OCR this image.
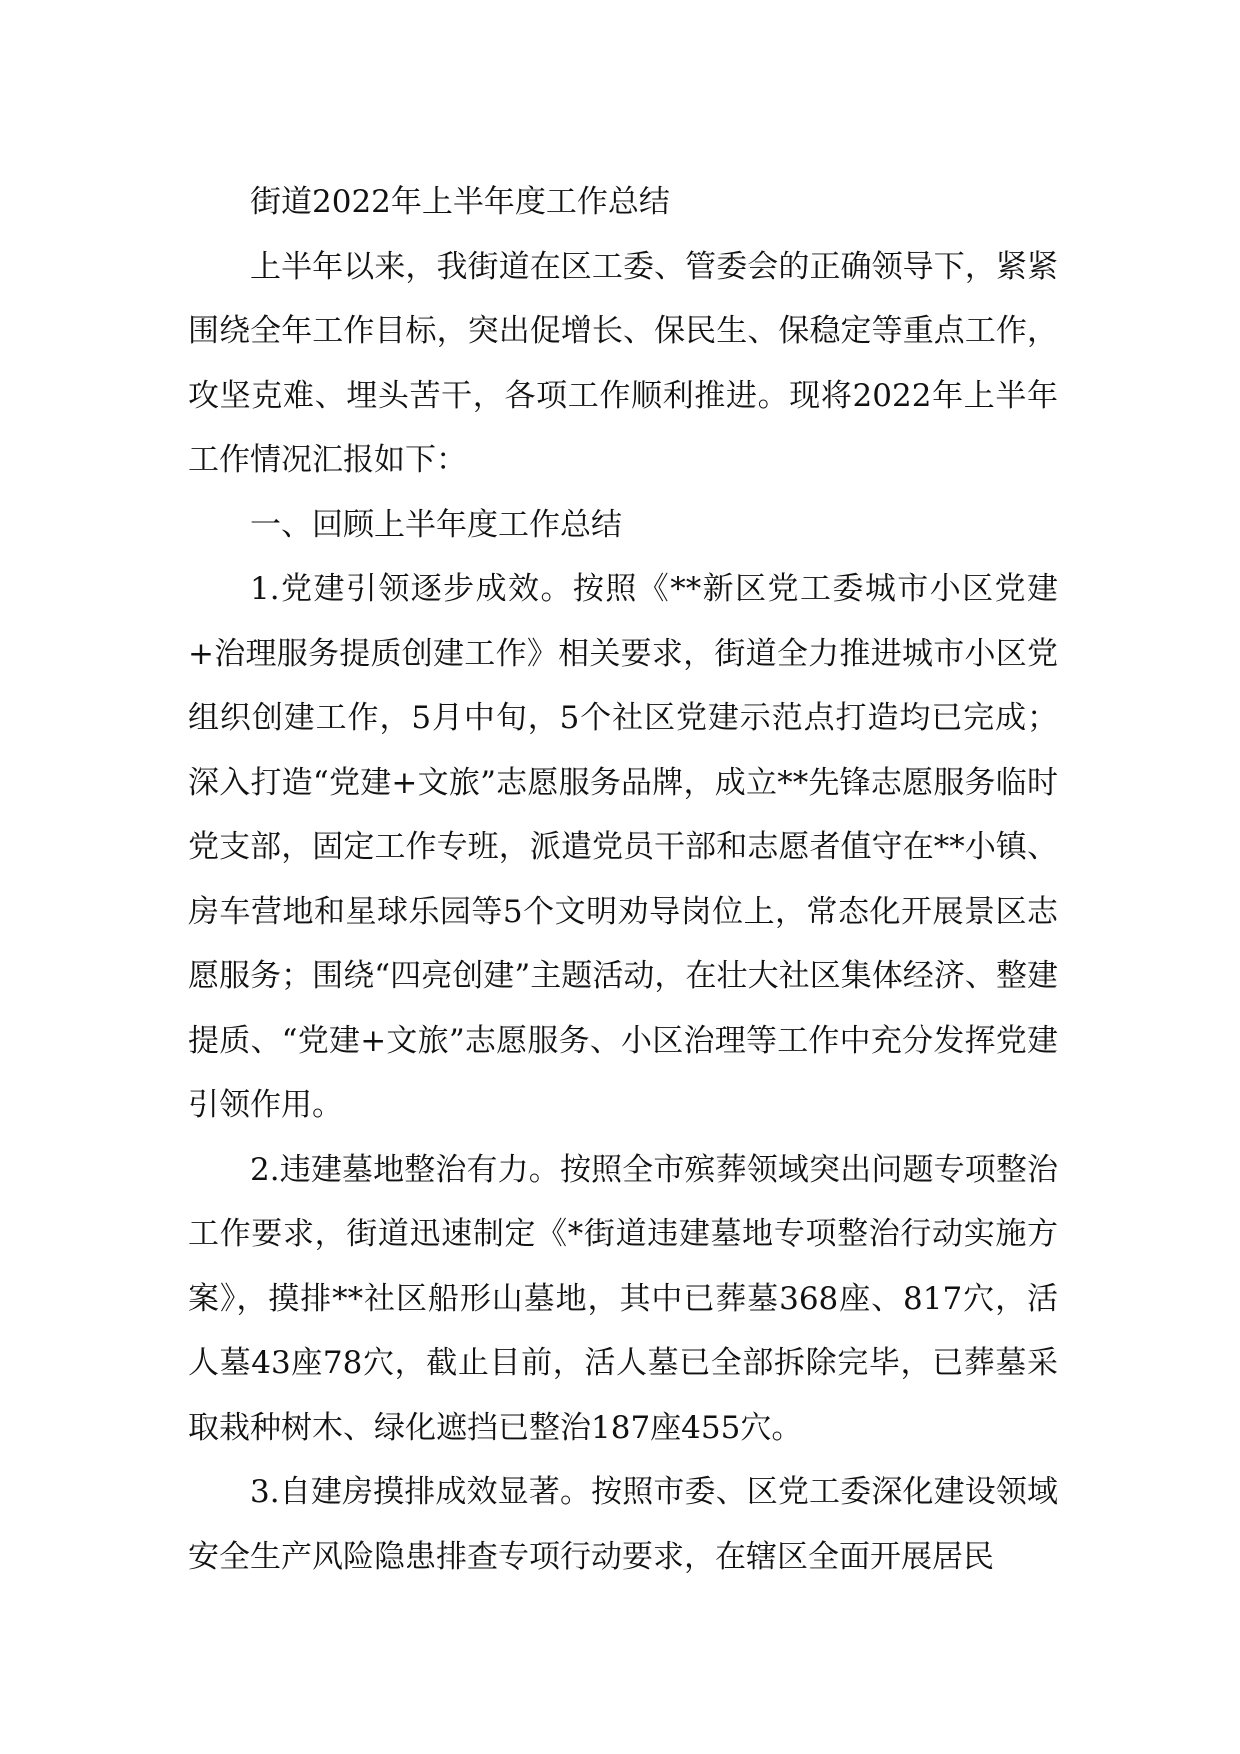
街道2022年上半年度工作总结

上半年以来，我街道在区工委、管委会的正确领导下，紧紧围绕全年工作目标，突出促增长、保民生、保稳定等重点工作，攻坚克难、埋头苦干，各项工作顺利推进。现将2022年上半年工作情况汇报如下：

一、回顾上半年度工作总结

1.党建引领逐步成效。按照《**新区党工委城市小区党建+治理服务提质创建工作》相关要求，街道全力推进城市小区党组织创建工作，5月中旬，5个社区党建示范点打造均已完成；深入打造“党建+文旅”志愿服务品牌，成立**先锋志愿服务临时党支部，固定工作专班，派遣党员干部和志愿者值守在**小镇、房车营地和星球乐园等5个文明劝导岗位上，常态化开展景区志愿服务；围绕“四亮创建”主题活动，在壮大社区集体经济、整建提质、“党建+文旅”志愿服务、小区治理等工作中充分发挥党建引领作用。

2.违建墓地整治有力。按照全市殡葬领域突出问题专项整治工作要求，街道迅速制定《*街道违建墓地专项整治行动实施方案》，摸排**社区船形山墓地，其中已葬墓368座、817穴，活人墓43座78穴，截止目前，活人墓已全部拆除完毕，已葬墓采取栽种树木、绿化遮挡已整治187座455穴。

3.自建房摸排成效显著。按照市委、区党工委深化建设领域安全生产风险隐患排查专项行动要求，在辖区全面开展居民
